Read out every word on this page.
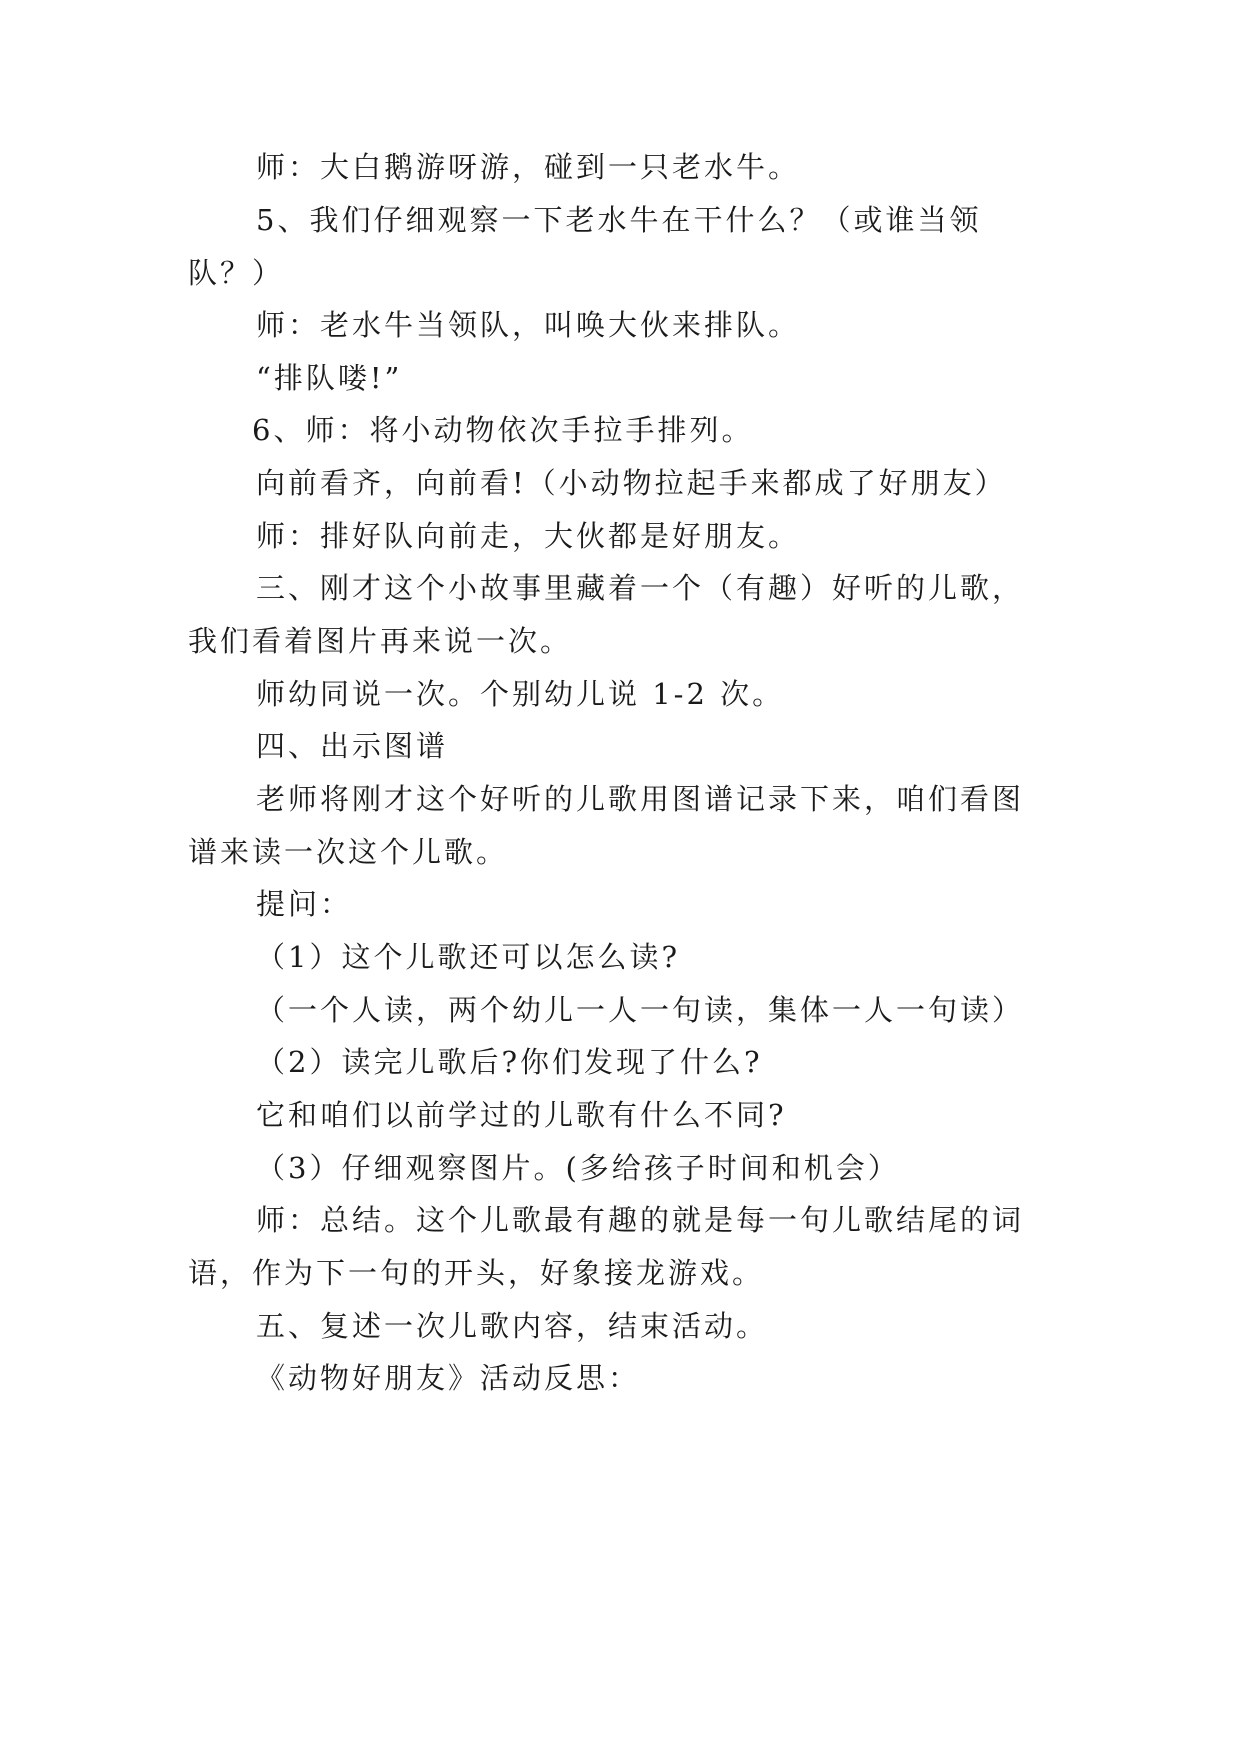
师：大白鹅游呀游，碰到一只老水牛。
5、我们仔细观察一下老水牛在干什么？（或谁当领
队？）
师：老水牛当领队，叫唤大伙来排队。
“排队喽!”
6、师：将小动物依次手拉手排列。
向前看齐，向前看!（小动物拉起手来都成了好朋友）
师：排好队向前走，大伙都是好朋友。
三、刚才这个小故事里藏着一个（有趣）好听的儿歌，
我们看着图片再来说一次。
师幼同说一次。个别幼儿说 1-2 次。
四、出示图谱
老师将刚才这个好听的儿歌用图谱记录下来，咱们看图
谱来读一次这个儿歌。
提问：
（1）这个儿歌还可以怎么读?
（一个人读，两个幼儿一人一句读，集体一人一句读）
（2）读完儿歌后?你们发现了什么?
它和咱们以前学过的儿歌有什么不同?
（3）仔细观察图片。(多给孩子时间和机会）
师：总结。这个儿歌最有趣的就是每一句儿歌结尾的词
语，作为下一句的开头，好象接龙游戏。
五、复述一次儿歌内容，结束活动。
《动物好朋友》活动反思：
